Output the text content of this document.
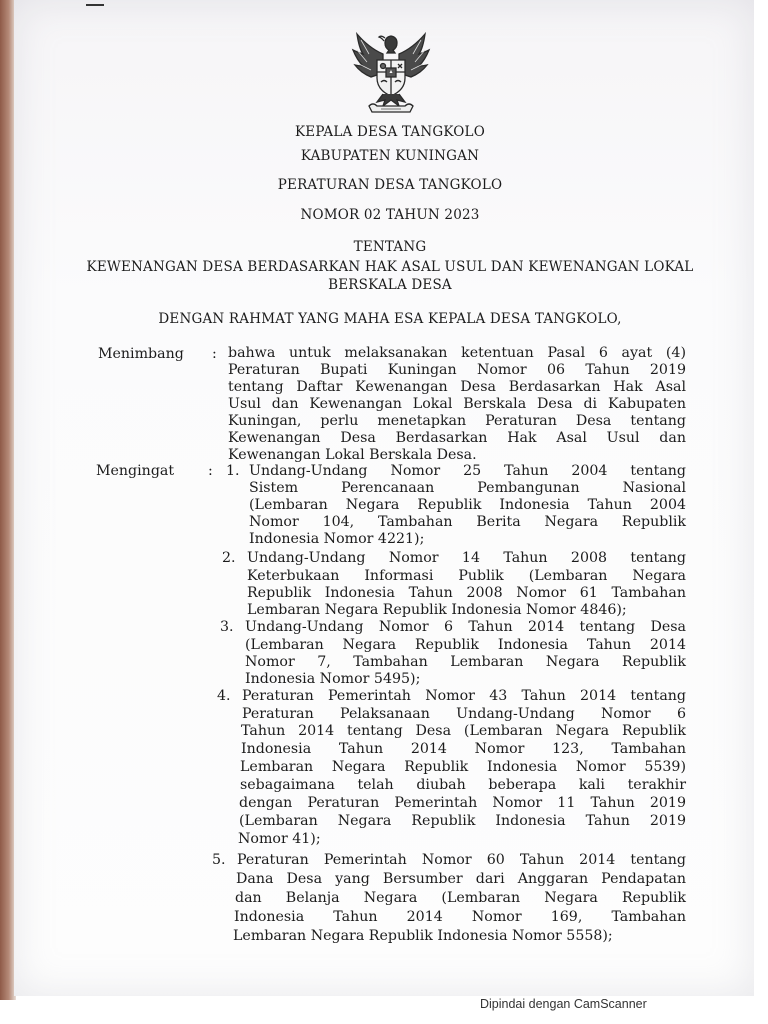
KEPALA DESA TANGKOLO
KABUPATEN KUNINGAN
PERATURAN DESA TANGKOLO
NOMOR 02 TAHUN 2023
TENTANG
KEWENANGAN DESA BERDASARKAN HAK ASAL USUL DAN KEWENANGAN LOKAL
BERSKALA DESA
DENGAN RAHMAT YANG MAHA ESA KEPALA DESA TANGKOLO,
Menimbang : bahwa untuk melaksanakan ketentuan Pasal 6 ayat (4)
Peraturan Bupati Kuningan Nomor 06 Tahun 2019
tentang Daftar Kewenangan Desa Berdasarkan Hak Asal
Usul dan Kewenangan Lokal Berskala Desa di Kabupaten
Kuningan, perlu menetapkan Peraturan Desa tentang
Kewenangan Desa Berdasarkan Hak Asal Usul dan
Kewenangan Lokal Berskala Desa.
Mengingat : 1. Undang-Undang Nomor 25 Tahun 2004 tentang
Sistem Perencanaan Pembangunan Nasional
(Lembaran Negara Republik Indonesia Tahun 2004
Nomor 104, Tambahan Berita Negara Republik
Indonesia Nomor 4221);
2. Undang-Undang Nomor 14 Tahun 2008 tentang
Keterbukaan Informasi Publik (Lembaran Negara
Republik Indonesia Tahun 2008 Nomor 61 Tambahan
Lembaran Negara Republik Indonesia Nomor 4846);
3. Undang-Undang Nomor 6 Tahun 2014 tentang Desa
(Lembaran Negara Republik Indonesia Tahun 2014
Nomor 7, Tambahan Lembaran Negara Republik
Indonesia Nomor 5495);
4. Peraturan Pemerintah Nomor 43 Tahun 2014 tentang
Peraturan Pelaksanaan Undang-Undang Nomor 6
Tahun 2014 tentang Desa (Lembaran Negara Republik
Indonesia Tahun 2014 Nomor 123, Tambahan
Lembaran Negara Republik Indonesia Nomor 5539)
sebagaimana telah diubah beberapa kali terakhir
dengan Peraturan Pemerintah Nomor 11 Tahun 2019
(Lembaran Negara Republik Indonesia Tahun 2019
Nomor 41);
5. Peraturan Pemerintah Nomor 60 Tahun 2014 tentang
Dana Desa yang Bersumber dari Anggaran Pendapatan
dan Belanja Negara (Lembaran Negara Republik
Indonesia Tahun 2014 Nomor 169, Tambahan
Lembaran Negara Republik Indonesia Nomor 5558);
Dipindai dengan CamScanner
